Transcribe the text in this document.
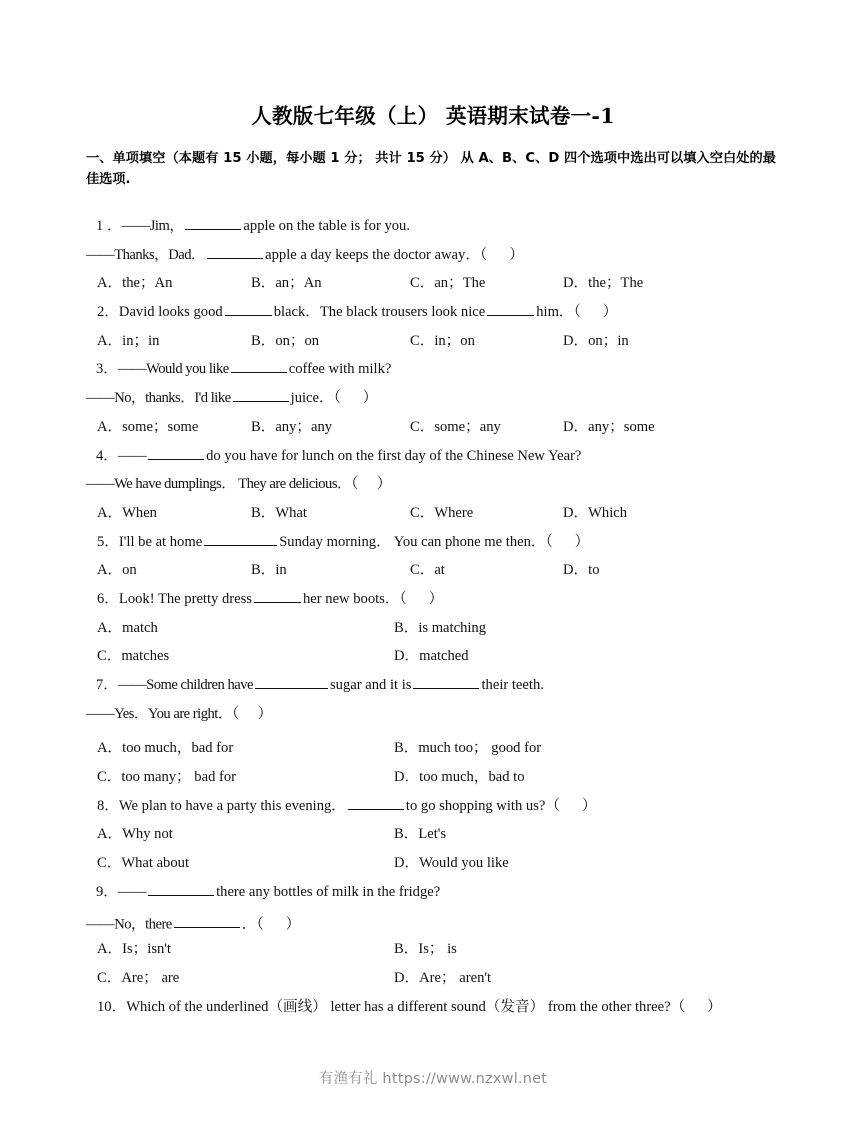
人教版七年级（上） 英语期末试卷一-1
一、单项填空（本题有 15 小题，每小题 1 分； 共计 15 分） 从 A、B、C、D 四个选项中选出可以填入空白处的最佳选项.
1 ．——Jim，	apple on the table is for you.
——Thanks，Dad．	apple a day keeps the doctor away．（      ）
A．the；An	B．an；An	C．an；The	D．the；The
2．David looks good	black．The black trousers look nice	him．（      ）
A．in；in	B．on；on	C．in；on	D．on；in
3．——Would you like	coffee with milk?
——No，thanks．I'd like	juice．（      ）
A．some；some	B．any；any	C．some；any	D．any；some
4．——	do you have for lunch on the first day of the Chinese New Year?
——We have dumplings． They are delicious．（      ）
A．When	B．What	C．Where	D．Which
5．I'll be at home	Sunday morning． You can phone me then．（      ）
A．on	B．in	C．at	D．to
6．Look! The pretty dress	her new boots．（      ）
A．match	B．is matching
C．matches	D．matched
7．——Some children have	sugar and it is	their teeth.
——Yes．You are right．（      ）
A．too much，bad for	B．much too； good for
C．too many； bad for	D．too much，bad to
8．We plan to have a party this evening．	to go shopping with us?（      ）
A．Why not	B．Let's
C．What about	D．Would you like
9．——	there any bottles of milk in the fridge?
——No，there	．（      ）
A．Is；isn't	B．Is； is
C．Are； are	D．Are； aren't
10．Which of the underlined（画线） letter has a different sound（发音） from the other three?（      ）
有渔有礼 https://www.nzxwl.net
